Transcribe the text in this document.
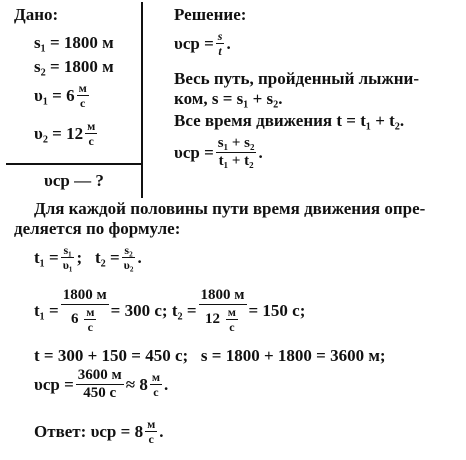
Дано:
s₁ = 1800 м
s₂ = 1800 м
$\upsilon_1 = 6 \frac{м}{с}$
$\upsilon_2 = 12 \frac{м}{с}$
υср — ?
Решение:
$\upsilon ср = \frac{s}{t}$ .
Весь путь, пройденный лыжни-
ком, s = s₁ + s₂.
Все время движения t = t₁ + t₂.
$\upsilon ср = \frac{\text{s₁ + s₂}}{\text{t₁ + t₂}}$ .
Для каждой половины пути время движения опре-
деляется по формуле:
$t_1 = \frac{\text{s₁}}{\text{υ₁}}$ ; $t_2 = \frac{\text{s₂}}{\text{υ₂}}$ .
t₁ = 1800 м
6
$\frac{м}{с} = 300$ с;
t₂ = 1800 м
12
$\frac{м}{с} = 150$ с;
t = 300 + 150 = 450 с;   s = 1800 + 1800 = 3600 м;
$\upsilon ср = \frac{3600 м}{450 с} \approx 8 \frac{м}{с}$ .
Ответ:
$\upsilon ср = 8 \frac{м}{с}$ .
